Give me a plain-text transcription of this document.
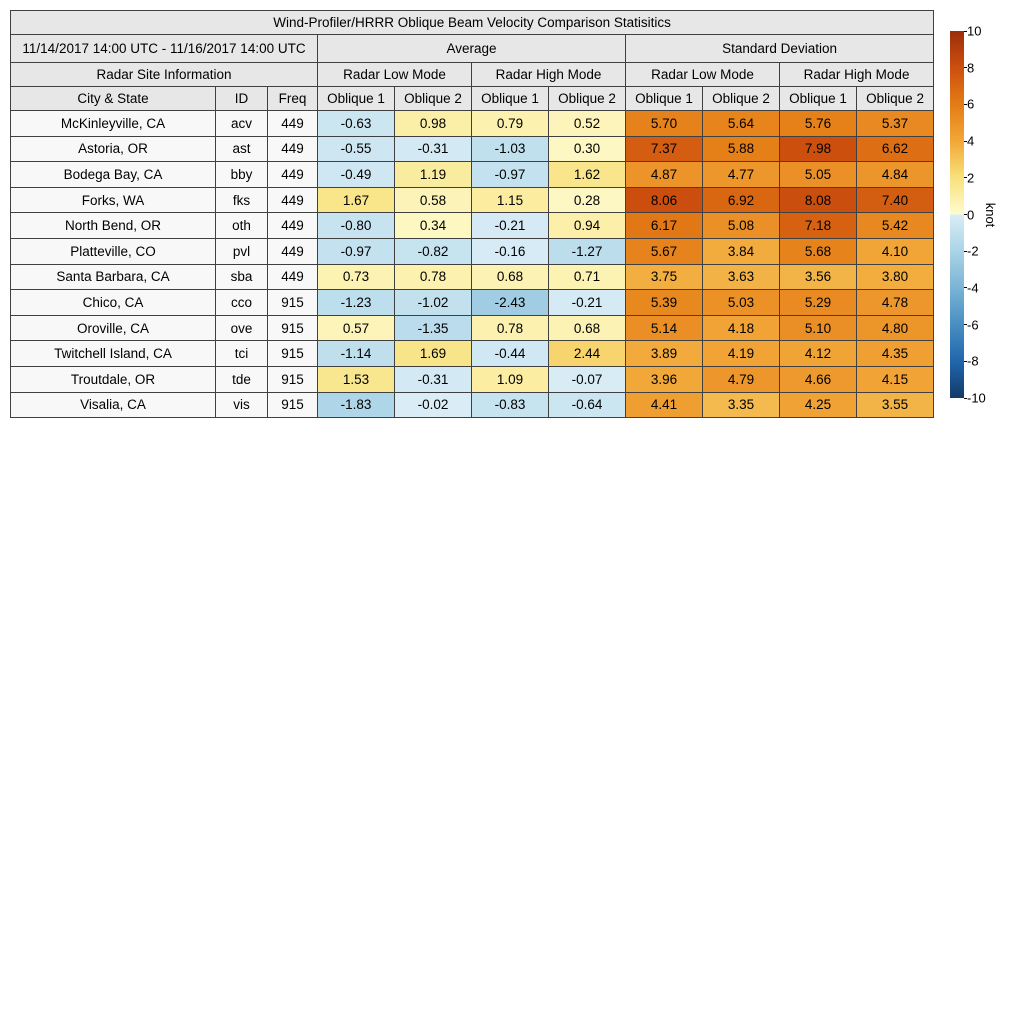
Wind-Profiler/HRRR Oblique Beam Velocity Comparison Statisitics										
11/14/2017 14:00 UTC - 11/16/2017 14:00 UTC			Average				Standard Deviation			
Radar Site Information			Radar Low Mode		Radar High Mode		Radar Low Mode		Radar High Mode	
City & State	ID	Freq	Oblique 1	Oblique 2	Oblique 1	Oblique 2	Oblique 1	Oblique 2	Oblique 1	Oblique 2
McKinleyville, CA	acv	449	-0.63	0.98	0.79	0.52	5.70	5.64	5.76	5.37
Astoria, OR	ast	449	-0.55	-0.31	-1.03	0.30	7.37	5.88	7.98	6.62
Bodega Bay, CA	bby	449	-0.49	1.19	-0.97	1.62	4.87	4.77	5.05	4.84
Forks, WA	fks	449	1.67	0.58	1.15	0.28	8.06	6.92	8.08	7.40
North Bend, OR	oth	449	-0.80	0.34	-0.21	0.94	6.17	5.08	7.18	5.42
Platteville, CO	pvl	449	-0.97	-0.82	-0.16	-1.27	5.67	3.84	5.68	4.10
Santa Barbara, CA	sba	449	0.73	0.78	0.68	0.71	3.75	3.63	3.56	3.80
Chico, CA	cco	915	-1.23	-1.02	-2.43	-0.21	5.39	5.03	5.29	4.78
Oroville, CA	ove	915	0.57	-1.35	0.78	0.68	5.14	4.18	5.10	4.80
Twitchell Island, CA	tci	915	-1.14	1.69	-0.44	2.44	3.89	4.19	4.12	4.35
Troutdale, OR	tde	915	1.53	-0.31	1.09	-0.07	3.96	4.79	4.66	4.15
Visalia, CA	vis	915	-1.83	-0.02	-0.83	-0.64	4.41	3.35	4.25	3.55
10
8
6
4
2
0
-2
-4
-6
-8
-10
knot
